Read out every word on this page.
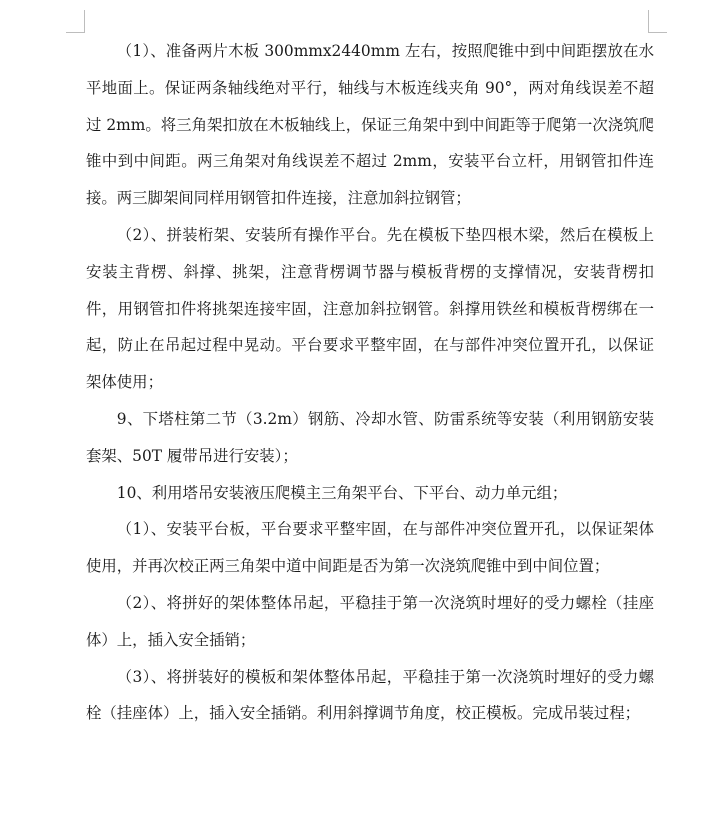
（1）、准备两片木板 300mmx2440mm 左右，按照爬锥中到中间距摆放在水平地面上。保证两条轴线绝对平行，轴线与木板连线夹角 90°，两对角线误差不超过 2mm。将三角架扣放在木板轴线上，保证三角架中到中间距等于爬第一次浇筑爬锥中到中间距。两三角架对角线误差不超过 2mm，安装平台立杆，用钢管扣件连接。两三脚架间同样用钢管扣件连接，注意加斜拉钢管；

（2）、拼装桁架、安装所有操作平台。先在模板下垫四根木梁，然后在模板上安装主背楞、斜撑、挑架，注意背楞调节器与模板背楞的支撑情况，安装背楞扣件，用钢管扣件将挑架连接牢固，注意加斜拉钢管。斜撑用铁丝和模板背楞绑在一起，防止在吊起过程中晃动。平台要求平整牢固，在与部件冲突位置开孔，以保证架体使用；

9、下塔柱第二节（3.2m）钢筋、冷却水管、防雷系统等安装（利用钢筋安装套架、50T 履带吊进行安装）；

10、利用塔吊安装液压爬模主三角架平台、下平台、动力单元组；

（1）、安装平台板，平台要求平整牢固，在与部件冲突位置开孔，以保证架体使用，并再次校正两三角架中道中间距是否为第一次浇筑爬锥中到中间位置；

（2）、将拼好的架体整体吊起，平稳挂于第一次浇筑时埋好的受力螺栓（挂座体）上，插入安全插销；

（3）、将拼装好的模板和架体整体吊起，平稳挂于第一次浇筑时埋好的受力螺栓（挂座体）上，插入安全插销。利用斜撑调节角度，校正模板。完成吊装过程；
